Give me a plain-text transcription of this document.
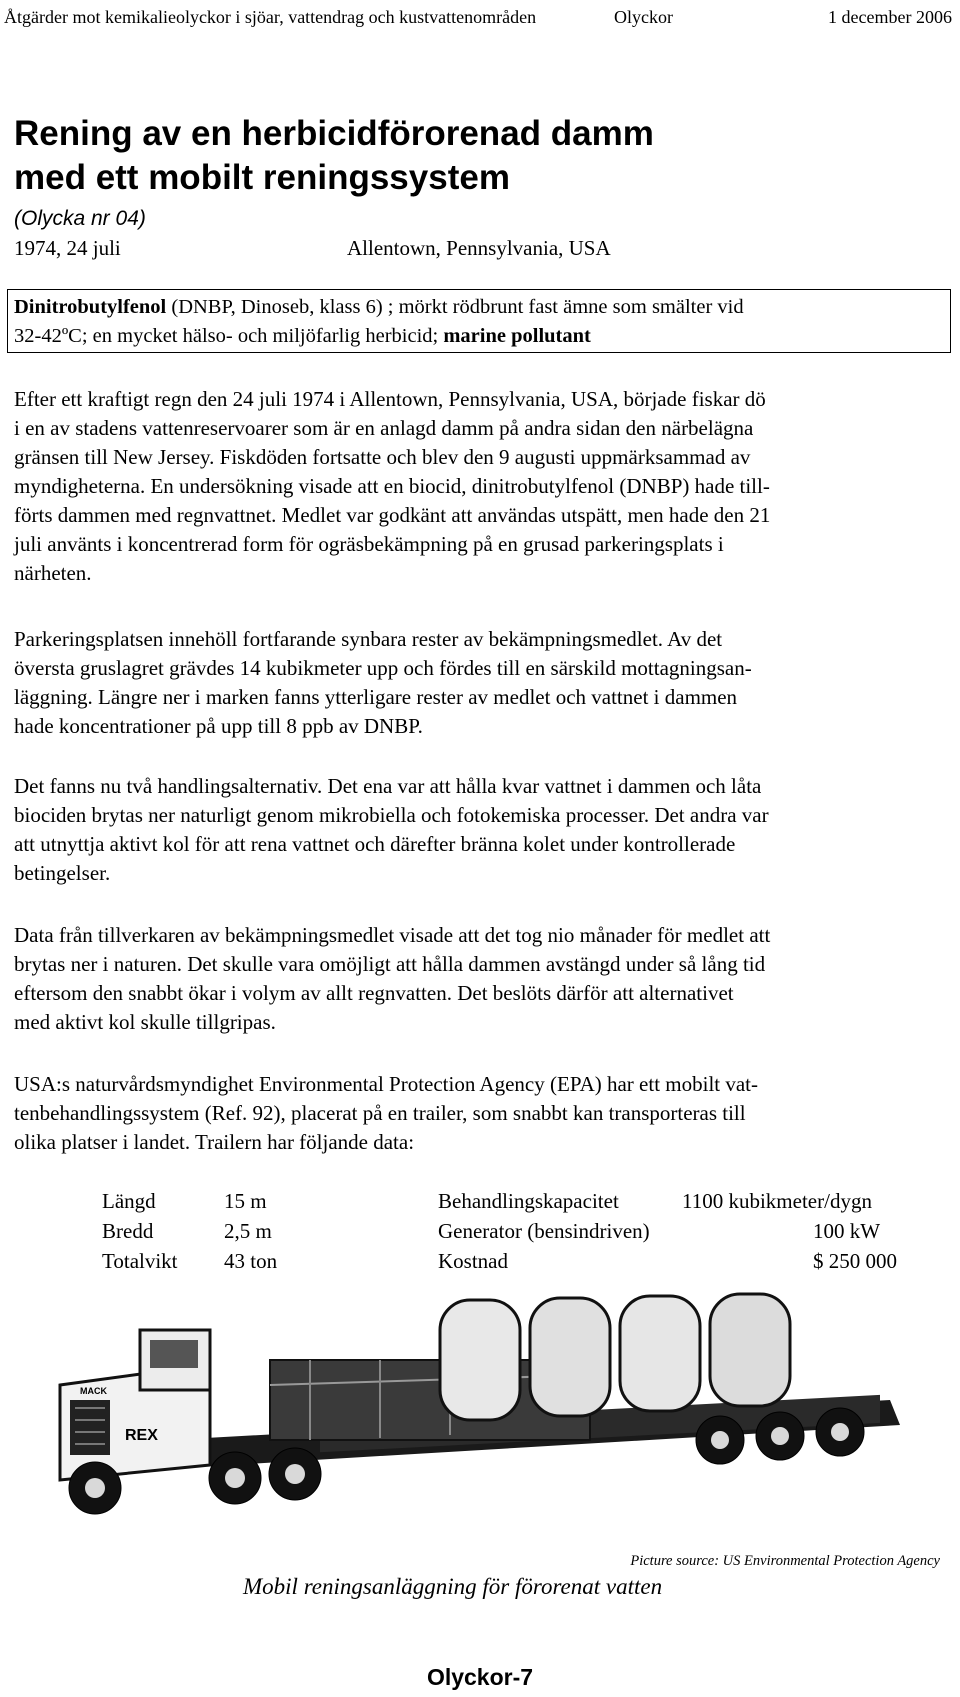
Åtgärder mot kemikalieolyckor i sjöar, vattendrag och kustvattenområden	Olyckor	1 december 2006
Rening av en herbicidförorenad damm
med ett mobilt reningssystem
(Olycka nr 04)
1974, 24 juli	Allentown, Pennsylvania, USA
Dinitrobutylfenol (DNBP, Dinoseb, klass 6) ; mörkt rödbrunt fast ämne som smälter vid
32-42ºC; en mycket hälso- och miljöfarlig herbicid; marine pollutant

Efter ett kraftigt regn den 24 juli 1974 i Allentown, Pennsylvania, USA, började fiskar dö
i en av stadens vattenreservoarer som är en anlagd damm på andra sidan den närbelägna
gränsen till New Jersey. Fiskdöden fortsatte och blev den 9 augusti uppmärksammad av
myndigheterna. En undersökning visade att en biocid, dinitrobutylfenol (DNBP) hade till-
förts dammen med regnvattnet. Medlet var godkänt att användas utspätt, men hade den 21
juli använts i koncentrerad form för ogräsbekämpning på en grusad parkeringsplats i
närheten.

Parkeringsplatsen innehöll fortfarande synbara rester av bekämpningsmedlet. Av det
översta gruslagret grävdes 14 kubikmeter upp och fördes till en särskild mottagningsan-
läggning. Längre ner i marken fanns ytterligare rester av medlet och vattnet i dammen
hade koncentrationer på upp till 8 ppb av DNBP.

Det fanns nu två handlingsalternativ. Det ena var att hålla kvar vattnet i dammen och låta
biociden brytas ner naturligt genom mikrobiella och fotokemiska processer. Det andra var
att utnyttja aktivt kol för att rena vattnet och därefter bränna kolet under kontrollerade
betingelser.

Data från tillverkaren av bekämpningsmedlet visade att det tog nio månader för medlet att
brytas ner i naturen. Det skulle vara omöjligt att hålla dammen avstängd under så lång tid
eftersom den snabbt ökar i volym av allt regnvatten. Det beslöts därför att alternativet
med aktivt kol skulle tillgripas.

USA:s naturvårdsmyndighet Environmental Protection Agency (EPA) har ett mobilt vat-
tenbehandlingssystem (Ref. 92), placerat på en trailer, som snabbt kan transporteras till
olika platser i landet. Trailern har följande data:

Längd	15 m	Behandlingskapacitet	1100 kubikmeter/dygn
Bredd	2,5 m	Generator (bensindriven)	100 kW
Totalvikt 43 ton	Kostnad	$ 250 000
MACK
REX
Picture source: US Environmental Protection Agency
Mobil reningsanläggning för förorenat vatten
Olyckor-7
